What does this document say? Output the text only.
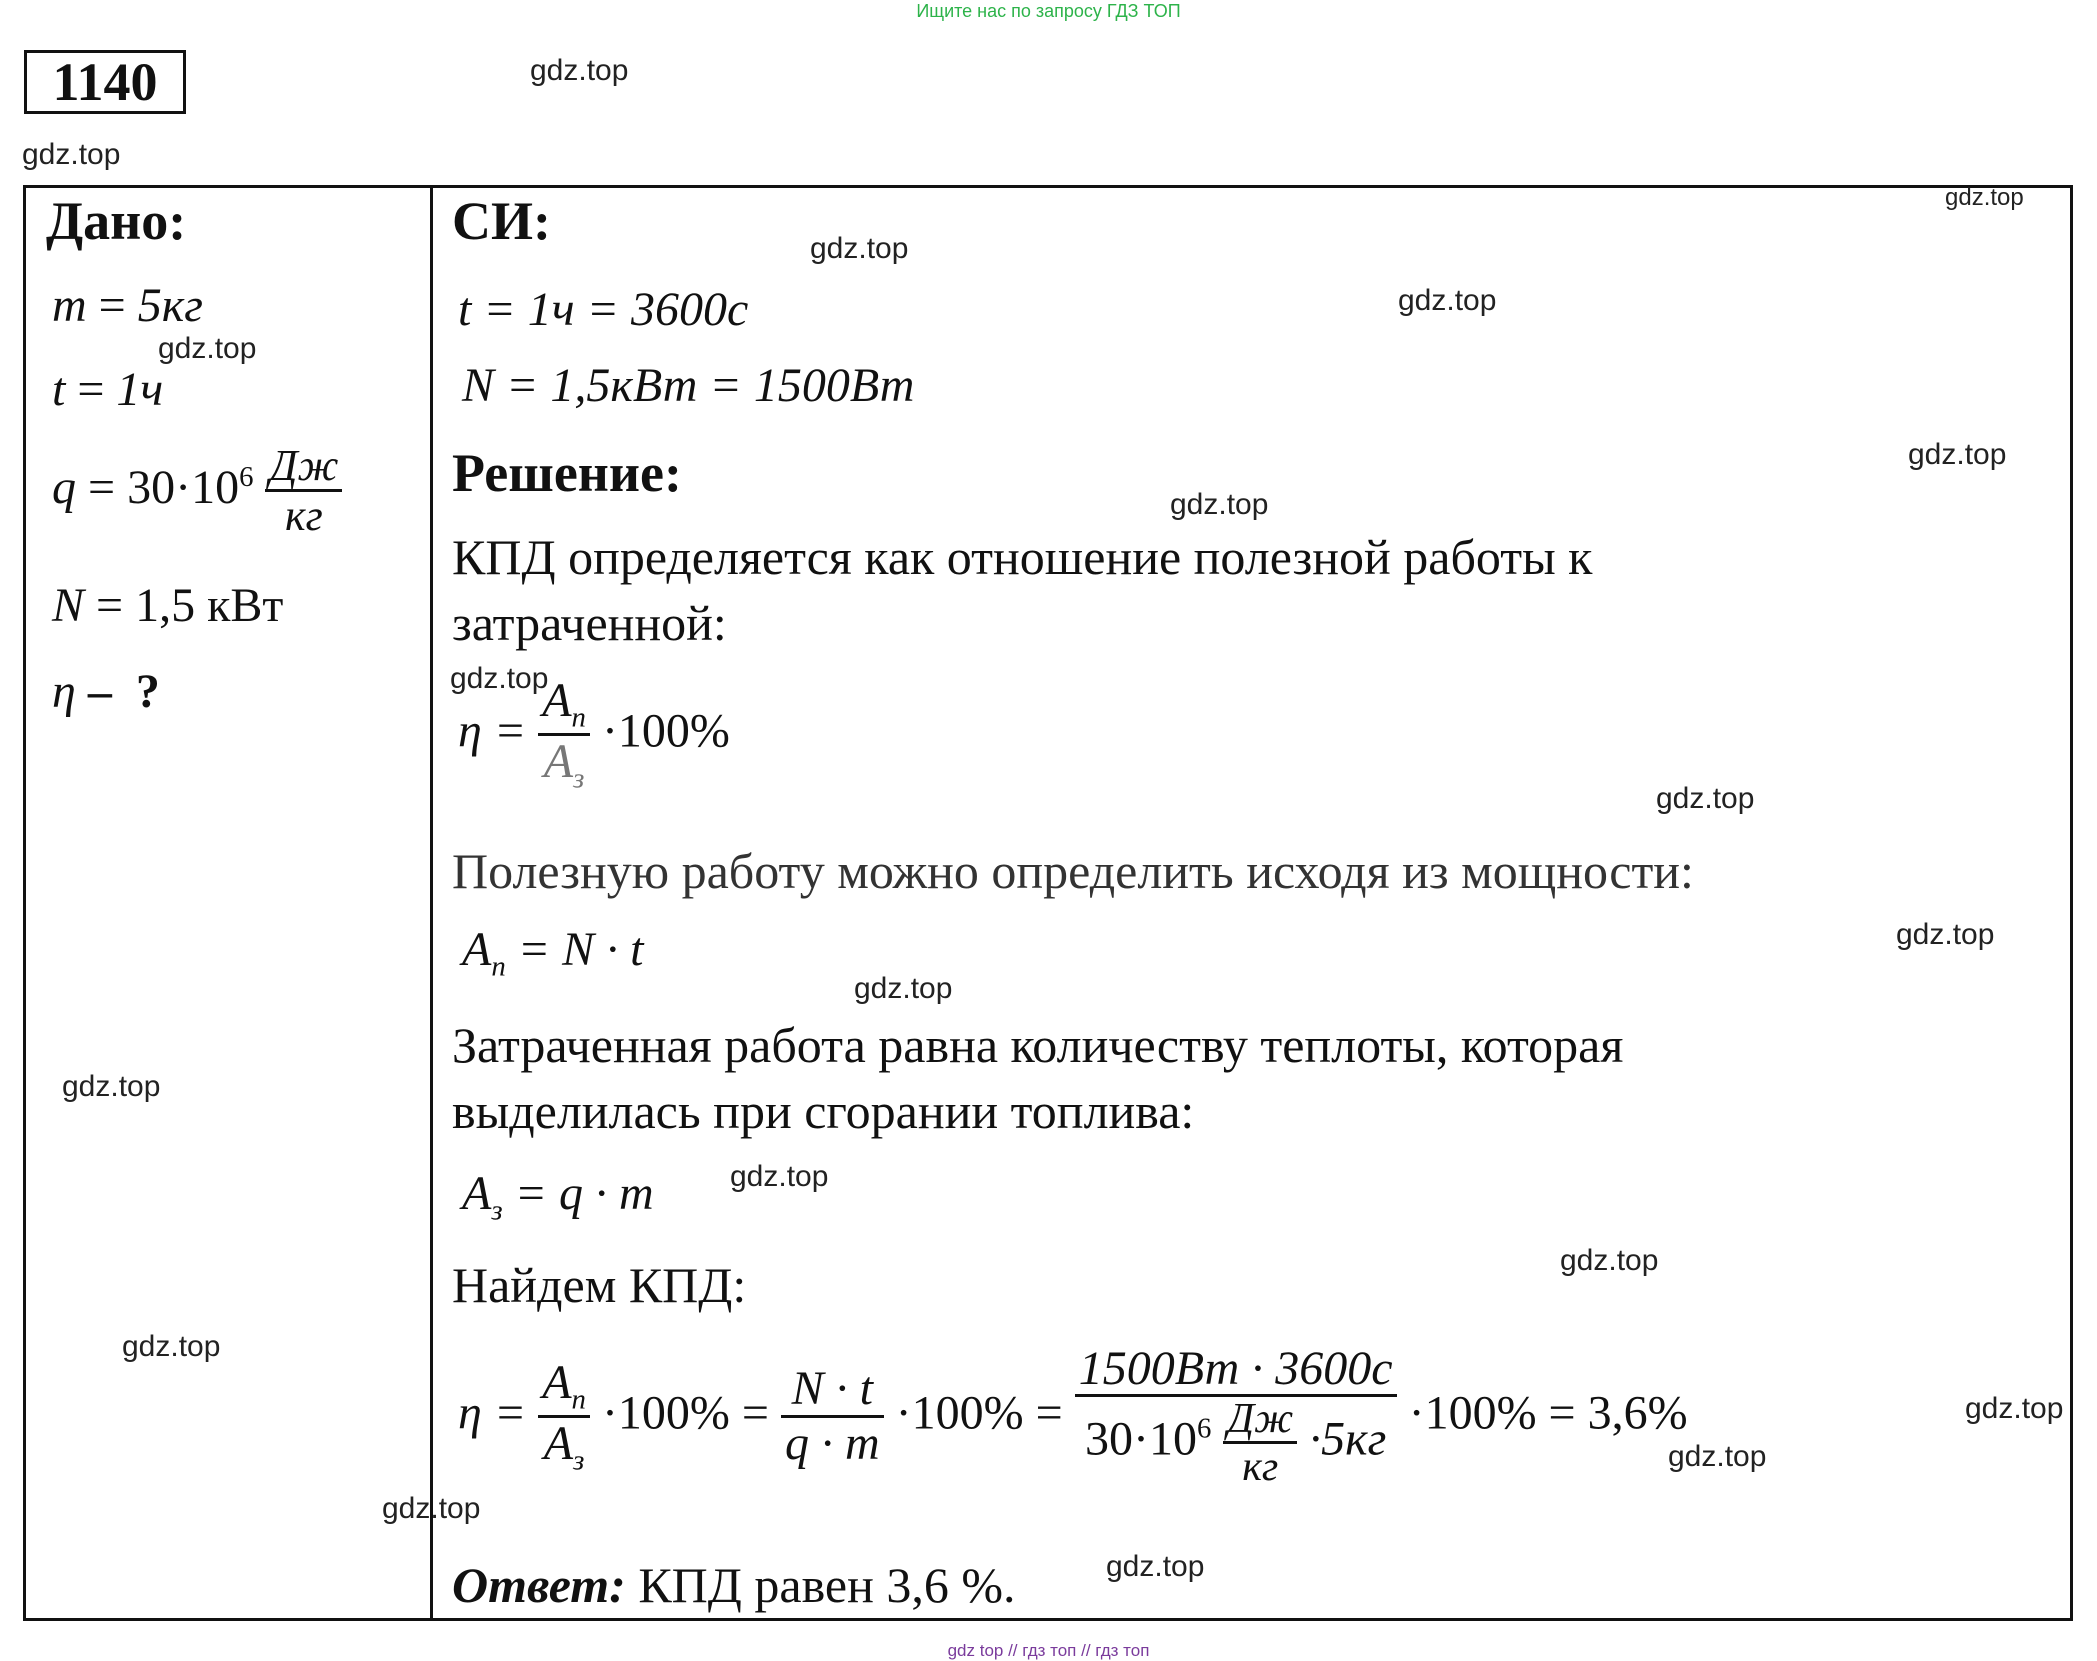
Ищите нас по запросу ГДЗ ТОП
1140
Дано:
m = 5кг
t = 1ч
$q = 30\cdot 10^6 \frac{Дж}{кг}$
N = 1,5 кВт
η – ?
СИ:
t = 1ч = 3600с
N = 1,5кВт = 1500Вт
Решение:
КПД определяется как отношение полезной работы к
затраченной:
$\eta = \frac{A_п}{A_з} \cdot 100\%$
Полезную работу можно определить исходя из мощности:
$A_п = N \cdot t$
Затраченная работа равна количеству теплоты, которая
выделилась при сгорании топлива:
$A_з = q \cdot m$
Найдем КПД:
$\eta = \frac{A_п}{A_з} \cdot 100\% = \frac{N \cdot t}{q \cdot m} \cdot 100\% = \frac{1500Вт \cdot 3600с}{30\cdot 10^6 \frac{Дж}{кг} \cdot 5кг} \cdot 100\% = 3,6\%$
Ответ: КПД равен 3,6 %.
gdz.top
gdz.top
gdz.top
gdz.top
gdz.top
gdz.top
gdz.top
gdz.top
gdz.top
gdz.top
gdz.top
gdz.top
gdz.top
gdz.top
gdz.top
gdz.top
gdz.top
gdz.top
gdz.top
gdz.top
gdz top // гдз топ // гдз топ
